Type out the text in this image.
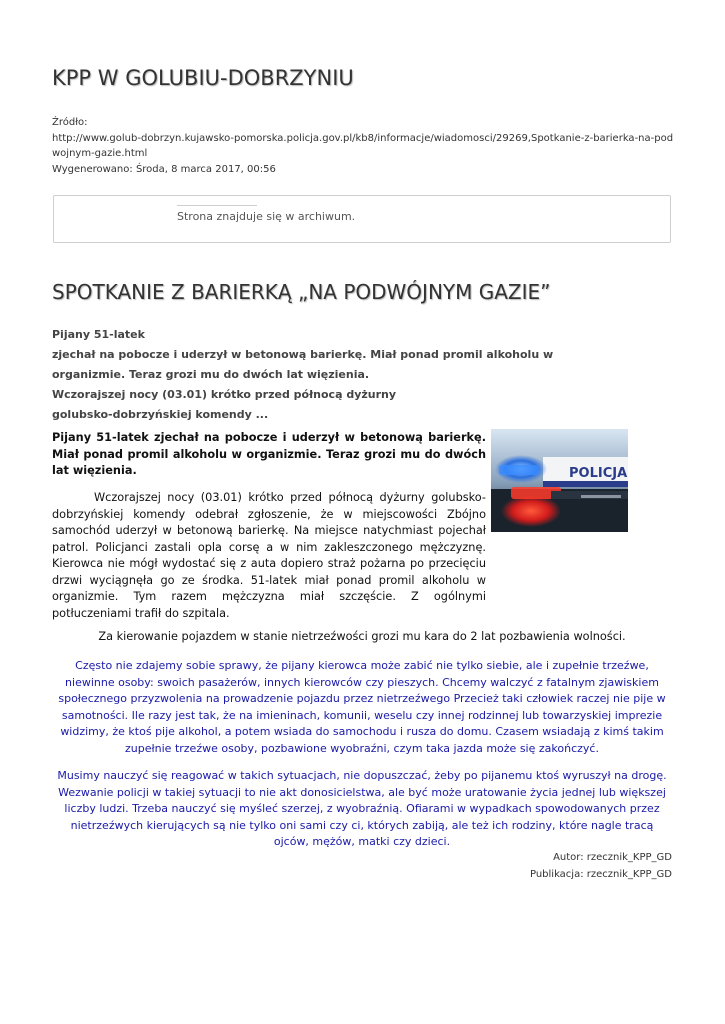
KPP W GOLUBIU-DOBRZYNIU
Źródło:
http://www.golub-dobrzyn.kujawsko-pomorska.policja.gov.pl/kb8/informacje/wiadomosci/29269,Spotkanie-z-barierka-na-pod
wojnym-gazie.html
Wygenerowano: Środa, 8 marca 2017, 00:56
Strona znajduje się w archiwum.
SPOTKANIE Z BARIERKĄ „NA PODWÓJNYM GAZIE”
Pijany 51-latek
zjechał na pobocze i uderzył w betonową barierkę. Miał ponad promil alkoholu w
organizmie. Teraz grozi mu do dwóch lat więzienia.
Wczorajszej nocy (03.01) krótko przed północą dyżurny
golubsko-dobrzyńskiej komendy ...

Pijany 51-latek zjechał na pobocze i uderzył w betonową barierkę. Miał ponad promil alkoholu w organizmie. Teraz grozi mu do dwóch lat więzienia.	POLICJA

Wczorajszej nocy (03.01) krótko przed północą dyżurny golubsko-dobrzyńskiej komendy odebrał zgłoszenie, że w miejscowości Zbójno samochód uderzył w betonową barierkę. Na miejsce natychmiast pojechał patrol. Policjanci zastali opla corsę a w nim zakleszczonego mężczyznę. Kierowca nie mógł wydostać się z auta dopiero straż pożarna po przecięciu drzwi wyciągnęła go ze środka. 51-latek miał ponad promil alkoholu w organizmie. Tym razem mężczyzna miał szczęście. Z ogólnymi potłuczeniami trafił do szpitala.

Za kierowanie pojazdem w stanie nietrzeźwości grozi mu kara do 2 lat pozbawienia wolności.

Często nie zdajemy sobie sprawy, że pijany kierowca może zabić nie tylko siebie, ale i zupełnie trzeźwe, niewinne osoby: swoich pasażerów, innych kierowców czy pieszych. Chcemy walczyć z fatalnym zjawiskiem społecznego przyzwolenia na prowadzenie pojazdu przez nietrzeźwego Przecież taki człowiek raczej nie pije w samotności. Ile razy jest tak, że na imieninach, komunii, weselu czy innej rodzinnej lub towarzyskiej imprezie widzimy, że ktoś pije alkohol, a potem wsiada do samochodu i rusza do domu. Czasem wsiadają z kimś takim zupełnie trzeźwe osoby, pozbawione wyobraźni, czym taka jazda może się zakończyć.

Musimy nauczyć się reagować w takich sytuacjach, nie dopuszczać, żeby po pijanemu ktoś wyruszył na drogę. Wezwanie policji w takiej sytuacji to nie akt donosicielstwa, ale być może uratowanie życia jednej lub większej liczby ludzi. Trzeba nauczyć się myśleć szerzej, z wyobraźnią. Ofiarami w wypadkach spowodowanych przez nietrzeźwych kierujących są nie tylko oni sami czy ci, których zabiją, ale też ich rodziny, które nagle tracą ojców, mężów, matki czy dzieci.

Autor: rzecznik_KPP_GD
Publikacja: rzecznik_KPP_GD
